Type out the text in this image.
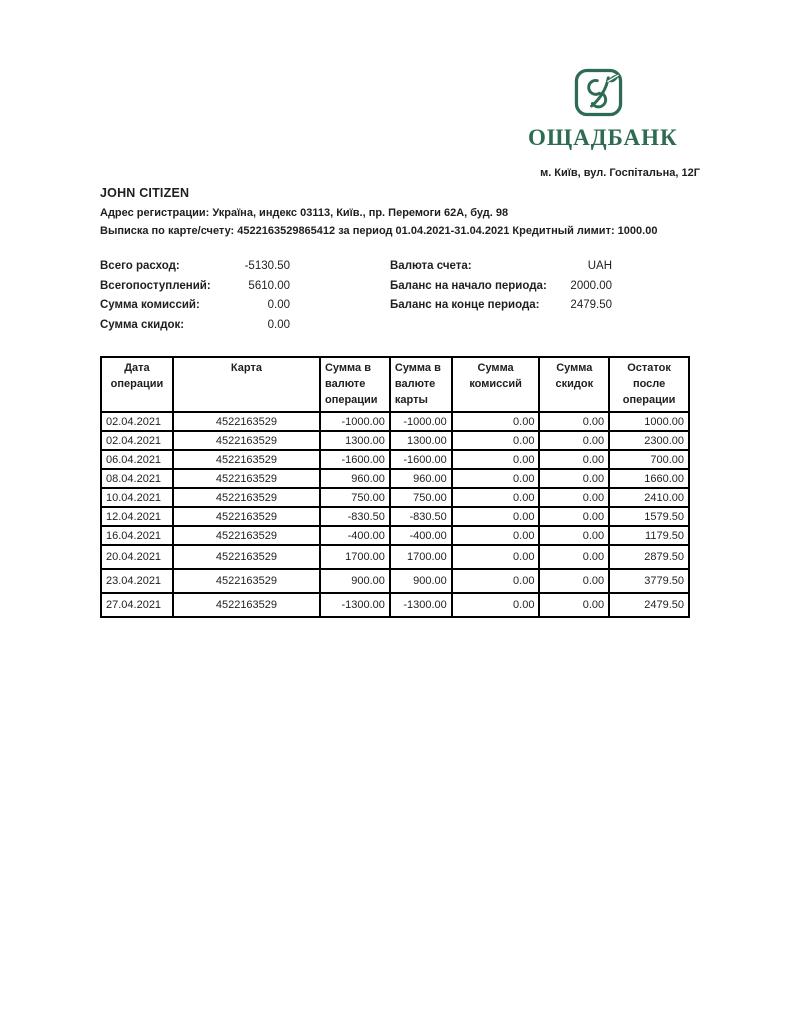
ОЩАДБАНК
м. Київ, вул. Госпітальна, 12Г
JOHN CITIZEN
Адрес регистрации: Україна, индекс 03113, Київ., пр. Перемоги 62А, буд. 98
Выписка по карте/счету: 4522163529865412 за период 01.04.2021-31.04.2021 Кредитный лимит: 1000.00
Всего расход:	-5130.50
Всегопоступлений:	5610.00
Сумма комиссий:	0.00
Сумма скидок:	0.00
Валюта счета:	UAH
Баланс на начало периода: 2000.00
Баланс на конце периода:	2479.50
Дата операции	Карта	Сумма в валюте операции	Сумма в валюте карты	Сумма комиссий	Сумма скидок	Остаток после операции
02.04.2021	4522163529	-1000.00	-1000.00	0.00	0.00	1000.00
02.04.2021	4522163529	1300.00	1300.00	0.00	0.00	2300.00
06.04.2021	4522163529	-1600.00	-1600.00	0.00	0.00	700.00
08.04.2021	4522163529	960.00	960.00	0.00	0.00	1660.00
10.04.2021	4522163529	750.00	750.00	0.00	0.00	2410.00
12.04.2021	4522163529	-830.50	-830.50	0.00	0.00	1579.50
16.04.2021	4522163529	-400.00	-400.00	0.00	0.00	1179.50
20.04.2021	4522163529	1700.00	1700.00	0.00	0.00	2879.50
23.04.2021	4522163529	900.00	900.00	0.00	0.00	3779.50
27.04.2021	4522163529	-1300.00	-1300.00	0.00	0.00	2479.50
